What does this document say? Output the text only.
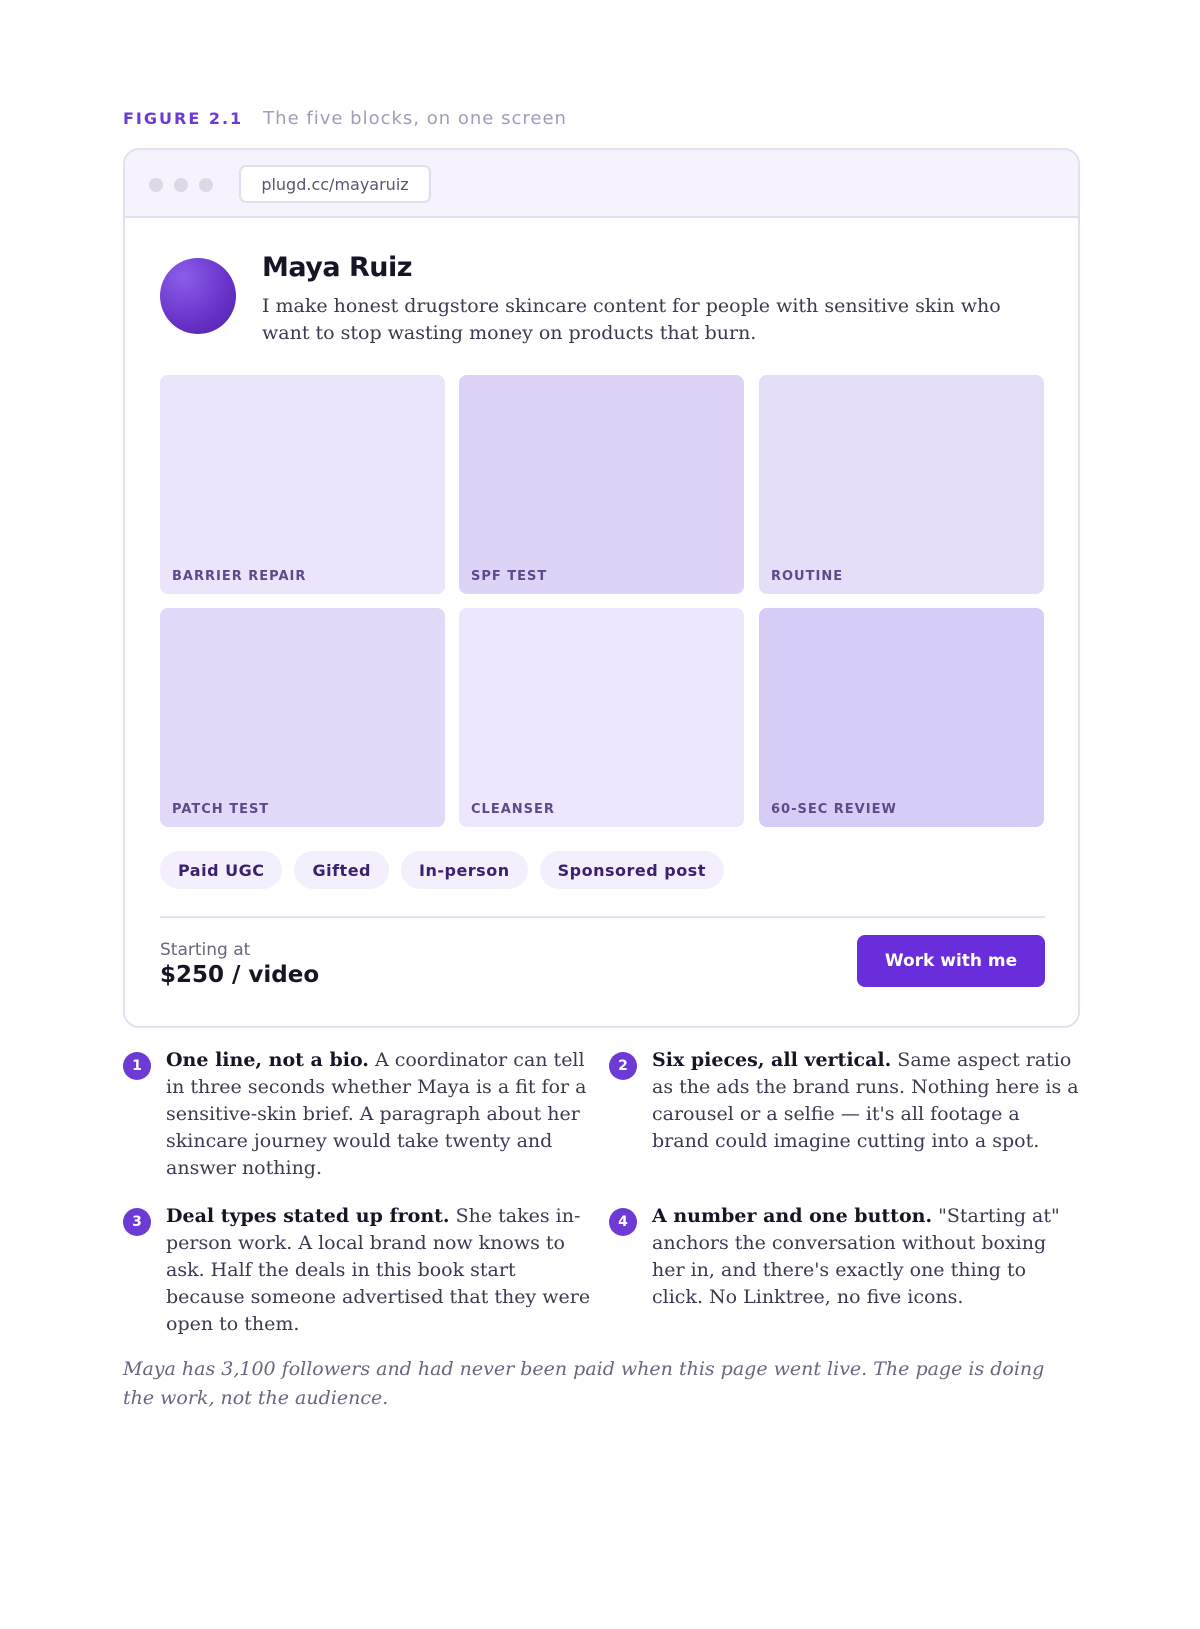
FIGURE 2.1 The five blocks, on one screen
plugd.cc/mayaruiz
Maya Ruiz
I make honest drugstore skincare content for people with sensitive skin who want to stop wasting money on products that burn.
BARRIER REPAIR	SPF TEST	ROUTINE
PATCH TEST	CLEANSER	60-SEC REVIEW
Paid UGC	Gifted	In-person	Sponsored post
Starting at
$250 / video
Work with me
1	One line, not a bio. A coordinator can tell in three seconds whether Maya is a fit for a sensitive-skin brief. A paragraph about her skincare journey would take twenty and answer nothing.

2	Six pieces, all vertical. Same aspect ratio as the ads the brand runs. Nothing here is a carousel or a selfie — it's all footage a brand could imagine cutting into a spot.

3	Deal types stated up front. She takes in-person work. A local brand now knows to ask. Half the deals in this book start because someone advertised that they were open to them.

4	A number and one button. "Starting at" anchors the conversation without boxing her in, and there's exactly one thing to click. No Linktree, no five icons.

Maya has 3,100 followers and had never been paid when this page went live. The page is doing the work, not the audience.
